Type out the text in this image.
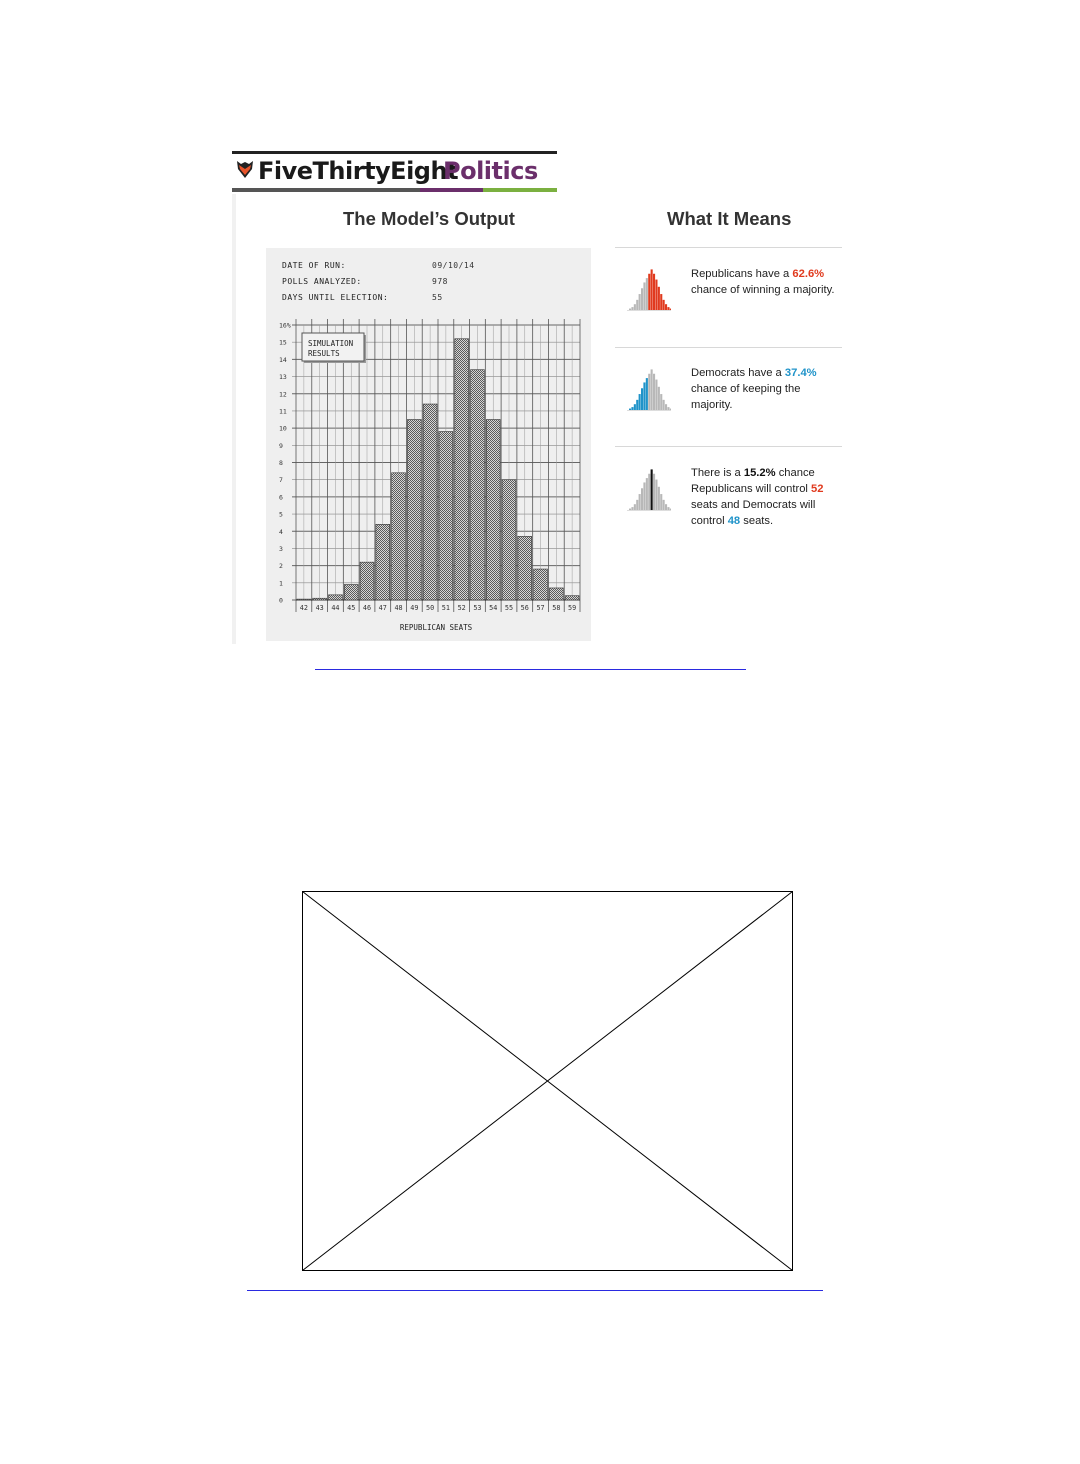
FiveThirtyEight
Politics
The Model’s Output	What It Means
DATE OF RUN:	09/10/14
POLLS ANALYZED:	978
DAYS UNTIL ELECTION:	55
0
1
2
3
4
5
6
7
8
9
10
11
12
13
14
15
16%
42 43 44 45 46 47 48 49 50 51 52 53 54 55 56 57 58 59
SIMULATION
RESULTS
REPUBLICAN SEATS
Republicans have a 62.6% chance of winning a majority.
Democrats have a 37.4% chance of keeping the majority.
There is a 15.2% chance Republicans will control 52 seats and Democrats will control 48 seats.
